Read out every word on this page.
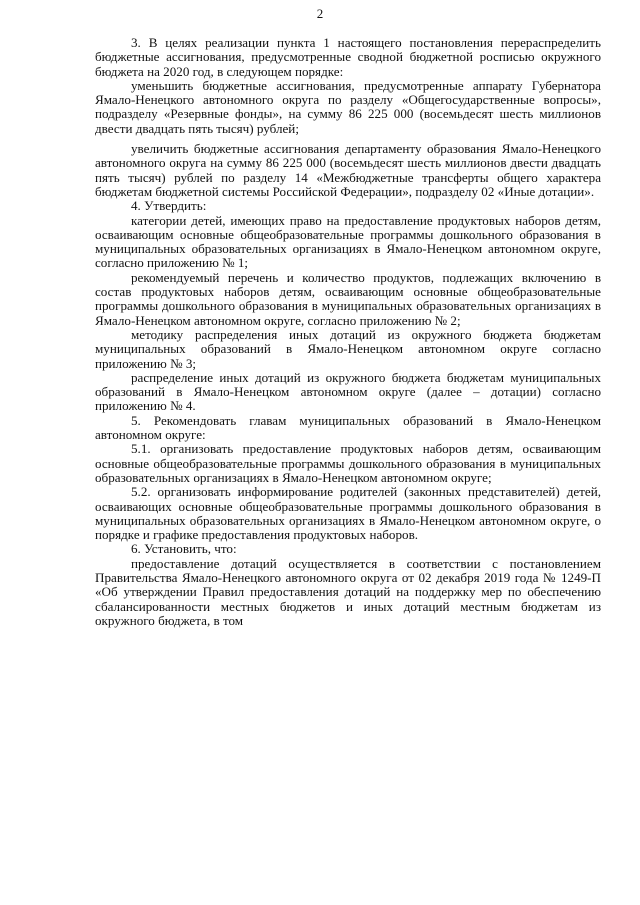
2

3. В целях реализации пункта 1 настоящего постановления перераспределить бюджетные ассигнования, предусмотренные сводной бюджетной росписью окружного бюджета на 2020 год, в следующем порядке:

уменьшить бюджетные ассигнования, предусмотренные аппарату Губернатора Ямало-Ненецкого автономного округа по разделу «Общегосударственные вопросы», подразделу «Резервные фонды», на сумму 86 225 000 (восемьдесят шесть миллионов двести двадцать пять тысяч) рублей;

увеличить бюджетные ассигнования департаменту образования Ямало-Ненецкого автономного округа на сумму 86 225 000 (восемьдесят шесть миллионов двести двадцать пять тысяч) рублей по разделу 14 «Межбюджетные трансферты общего характера бюджетам бюджетной системы Российской Федерации», подразделу 02 «Иные дотации».

4. Утвердить:

категории детей, имеющих право на предоставление продуктовых наборов детям, осваивающим основные общеобразовательные программы дошкольного образования в муниципальных образовательных организациях в Ямало-Ненецком автономном округе, согласно приложению № 1;

рекомендуемый перечень и количество продуктов, подлежащих включению в состав продуктовых наборов детям, осваивающим основные общеобразовательные программы дошкольного образования в муниципальных образовательных организациях в Ямало-Ненецком автономном округе, согласно приложению № 2;

методику распределения иных дотаций из окружного бюджета бюджетам муниципальных образований в Ямало-Ненецком автономном округе согласно приложению № 3;

распределение иных дотаций из окружного бюджета бюджетам муниципальных образований в Ямало-Ненецком автономном округе (далее – дотации) согласно приложению № 4.

5. Рекомендовать главам муниципальных образований в Ямало-Ненецком автономном округе:

5.1. организовать предоставление продуктовых наборов детям, осваивающим основные общеобразовательные программы дошкольного образования в муниципальных образовательных организациях в Ямало-Ненецком автономном округе;

5.2. организовать информирование родителей (законных представителей) детей, осваивающих основные общеобразовательные программы дошкольного образования в муниципальных образовательных организациях в Ямало-Ненецком автономном округе, о порядке и графике предоставления продуктовых наборов.

6. Установить, что:

предоставление дотаций осуществляется в соответствии с постановлением Правительства Ямало-Ненецкого автономного округа от 02 декабря 2019 года № 1249-П «Об утверждении Правил предоставления дотаций на поддержку мер по обеспечению сбалансированности местных бюджетов и иных дотаций местным бюджетам из окружного бюджета, в том
